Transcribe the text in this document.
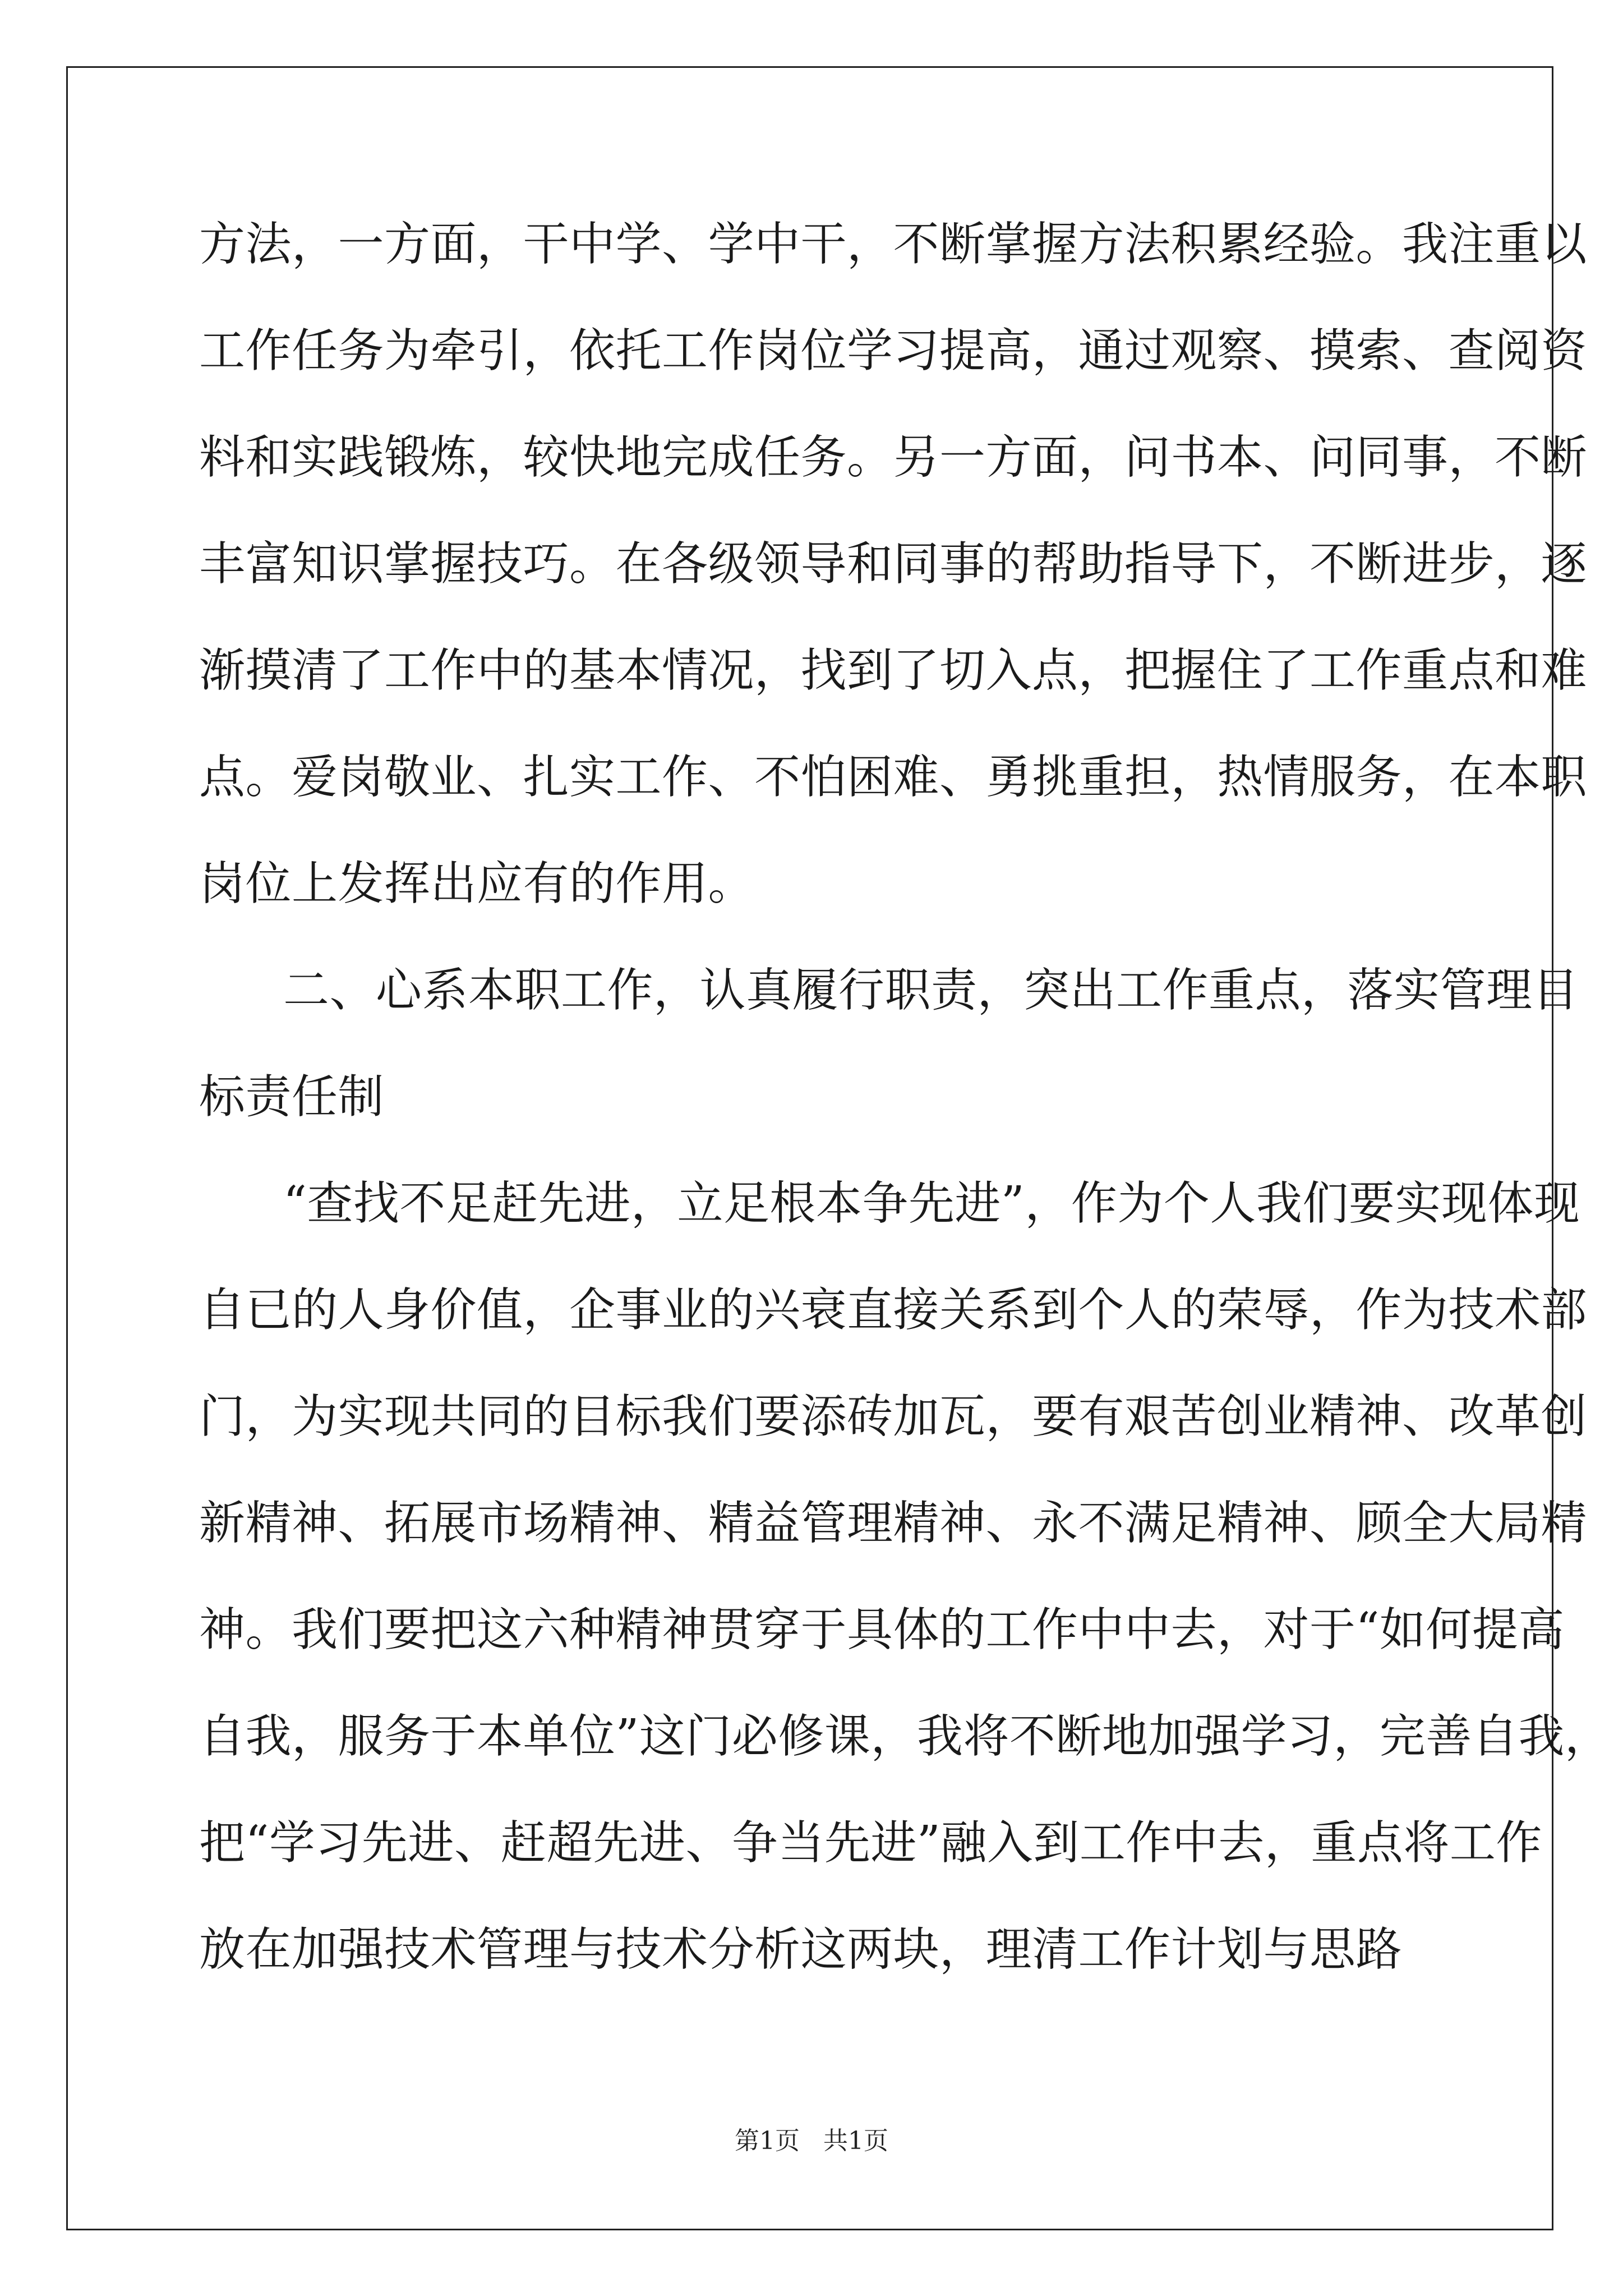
方法，一方面，干中学、学中干，不断掌握方法积累经验。我注重以
工作任务为牵引，依托工作岗位学习提高，通过观察、摸索、查阅资
料和实践锻炼，较快地完成任务。另一方面，问书本、问同事，不断
丰富知识掌握技巧。在各级领导和同事的帮助指导下，不断进步，逐
渐摸清了工作中的基本情况，找到了切入点，把握住了工作重点和难
点。爱岗敬业、扎实工作、不怕困难、勇挑重担，热情服务，在本职
岗位上发挥出应有的作用。
二、心系本职工作，认真履行职责，突出工作重点，落实管理目
标责任制
“查找不足赶先进，立足根本争先进”，作为个人我们要实现体现
自已的人身价值，企事业的兴衰直接关系到个人的荣辱，作为技术部
门，为实现共同的目标我们要添砖加瓦，要有艰苦创业精神、改革创
新精神、拓展市场精神、精益管理精神、永不满足精神、顾全大局精
神。我们要把这六种精神贯穿于具体的工作中中去，对于“如何提高
自我，服务于本单位”这门必修课，我将不断地加强学习，完善自我，
把“学习先进、赶超先进、争当先进”融入到工作中去，重点将工作
放在加强技术管理与技术分析这两块，理清工作计划与思路
第1页 共1页
